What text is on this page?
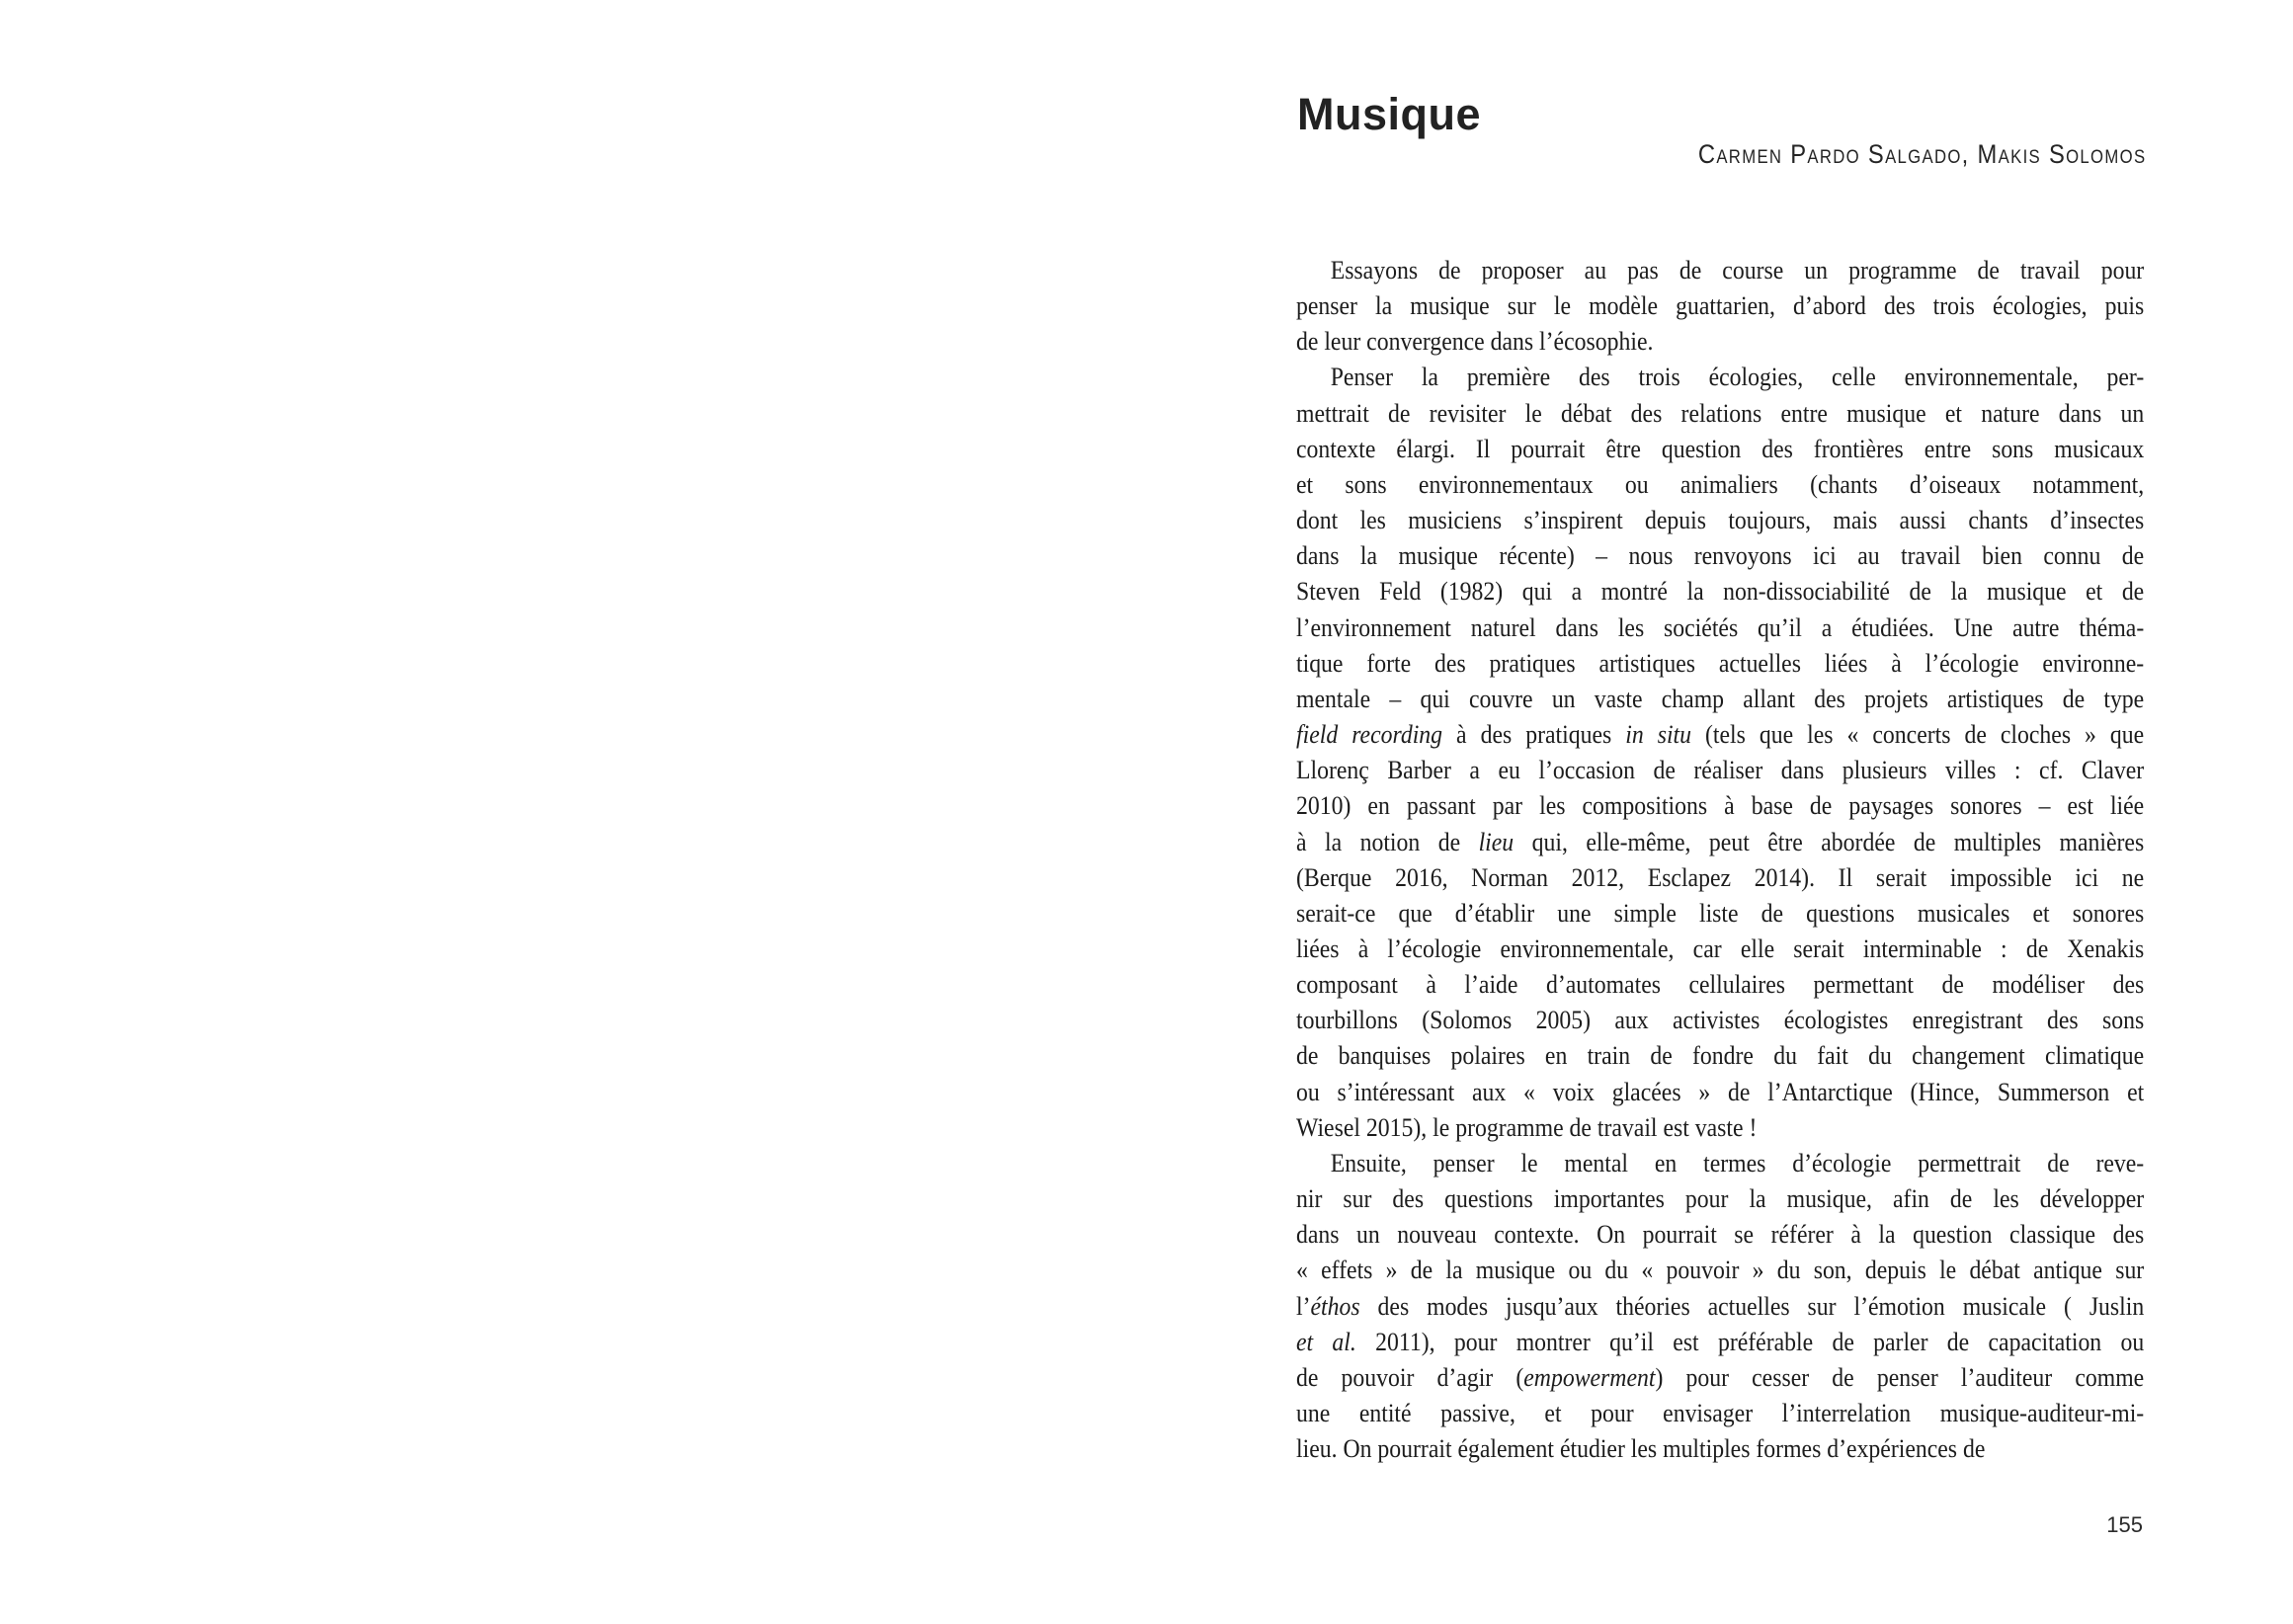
Musique
Carmen Pardo Salgado, Makis Solomos
Essayons de proposer au pas de course un programme de travail pour
penser la musique sur le modèle guattarien, d’abord des trois écologies, puis
de leur convergence dans l’écosophie.
Penser la première des trois écologies, celle environnementale, per-
mettrait de revisiter le débat des relations entre musique et nature dans un
contexte élargi. Il pourrait être question des frontières entre sons musicaux
et sons environnementaux ou animaliers (chants d’oiseaux notamment,
dont les musiciens s’inspirent depuis toujours, mais aussi chants d’insectes
dans la musique récente) – nous renvoyons ici au travail bien connu de
Steven Feld (1982) qui a montré la non-dissociabilité de la musique et de
l’environnement naturel dans les sociétés qu’il a étudiées. Une autre théma-
tique forte des pratiques artistiques actuelles liées à l’écologie environne-
mentale – qui couvre un vaste champ allant des projets artistiques de type
field recording à des pratiques in situ (tels que les « concerts de cloches » que
Llorenç Barber a eu l’occasion de réaliser dans plusieurs villes : cf. Claver
2010) en passant par les compositions à base de paysages sonores – est liée
à la notion de lieu qui, elle-même, peut être abordée de multiples manières
(Berque 2016, Norman 2012, Esclapez 2014). Il serait impossible ici ne
serait-ce que d’établir une simple liste de questions musicales et sonores
liées à l’écologie environnementale, car elle serait interminable : de Xenakis
composant à l’aide d’automates cellulaires permettant de modéliser des
tourbillons (Solomos 2005) aux activistes écologistes enregistrant des sons
de banquises polaires en train de fondre du fait du changement climatique
ou s’intéressant aux « voix glacées » de l’Antarctique (Hince, Summerson et
Wiesel 2015), le programme de travail est vaste !
Ensuite, penser le mental en termes d’écologie permettrait de reve-
nir sur des questions importantes pour la musique, afin de les développer
dans un nouveau contexte. On pourrait se référer à la question classique des
« effets » de la musique ou du « pouvoir » du son, depuis le débat antique sur
l’éthos des modes jusqu’aux théories actuelles sur l’émotion musicale ( Juslin
et al. 2011), pour montrer qu’il est préférable de parler de capacitation ou
de pouvoir d’agir (empowerment) pour cesser de penser l’auditeur comme
une entité passive, et pour envisager l’interrelation musique-auditeur-mi-
lieu. On pourrait également étudier les multiples formes d’expériences de
155
